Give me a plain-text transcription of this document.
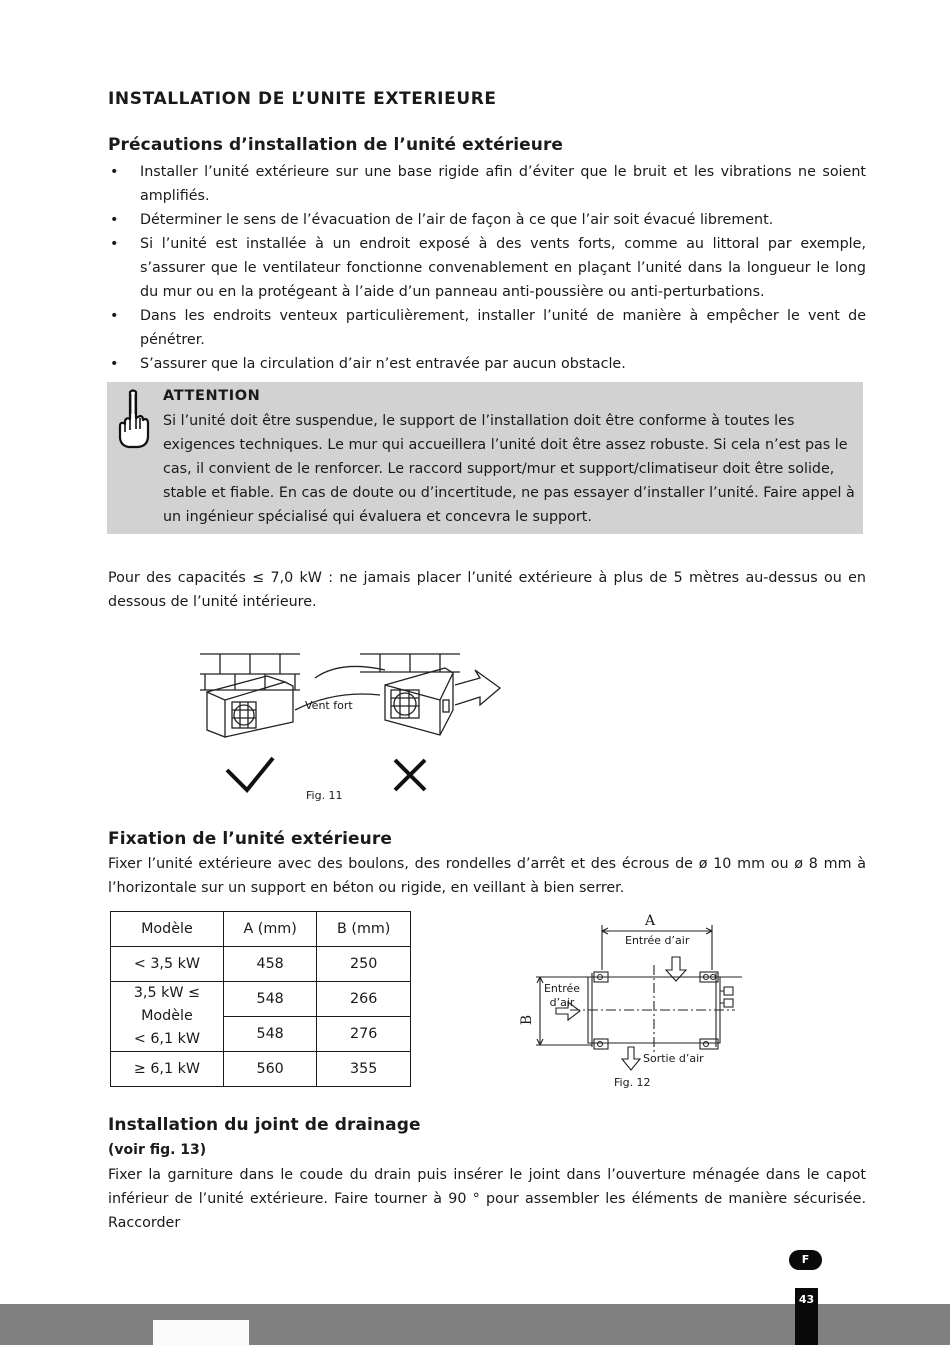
INSTALLATION DE L’UNITE EXTERIEURE
Précautions d’installation de l’unité extérieure
• Installer l’unité extérieure sur une base rigide afin d’éviter que le bruit et les vibrations ne soient amplifiés.
• Déterminer le sens de l’évacuation de l’air de façon à ce que l’air soit évacué librement.
• Si l’unité est installée à un endroit exposé à des vents forts, comme au littoral par exemple, s’assurer que le ventilateur fonctionne convenablement en plaçant l’unité dans la longueur le long du mur ou en la protégeant à l’aide d’un panneau anti-poussière ou anti-perturbations.
• Dans les endroits venteux particulièrement, installer l’unité de manière à empêcher le vent de pénétrer.
• S’assurer que la circulation d’air n’est entravée par aucun obstacle.
ATTENTION
Si l’unité doit être suspendue, le support de l’installation doit être conforme à toutes les exigences techniques. Le mur qui accueillera l’unité doit être assez robuste. Si cela n’est pas le cas, il convient de le renforcer. Le raccord support/mur et support/climatiseur doit être solide, stable et fiable. En cas de doute ou d’incertitude, ne pas essayer d’installer l’unité. Faire appel à un ingénieur spécialisé qui évaluera et concevra le support.
Pour des capacités ≤ 7,0 kW : ne jamais placer l’unité extérieure à plus de 5 mètres au-dessus ou en dessous de l’unité intérieure.
Vent fort
Fig. 11
Fixation de l’unité extérieure
Fixer l’unité extérieure avec des boulons, des rondelles d’arrêt et des écrous de ø 10 mm ou ø 8 mm à l’horizontale sur un support en béton ou rigide, en veillant à bien serrer.
Modèle	A (mm)	B (mm)
< 3,5 kW	458	250

3,5 kW ≤
Modèle
< 6,1 kW	548	266
	548	276
≥ 6,1 kW	560	355
A
B
Entrée d’air
Entrée
d’air
Sortie d’air
Fig. 12
Installation du joint de drainage
(voir fig. 13)
Fixer la garniture dans le coude du drain puis insérer le joint dans l’ouverture ménagée dans le capot inférieur de l’unité extérieure. Faire tourner à 90 ° pour assembler les éléments de manière sécurisée. Raccorder
F
43
